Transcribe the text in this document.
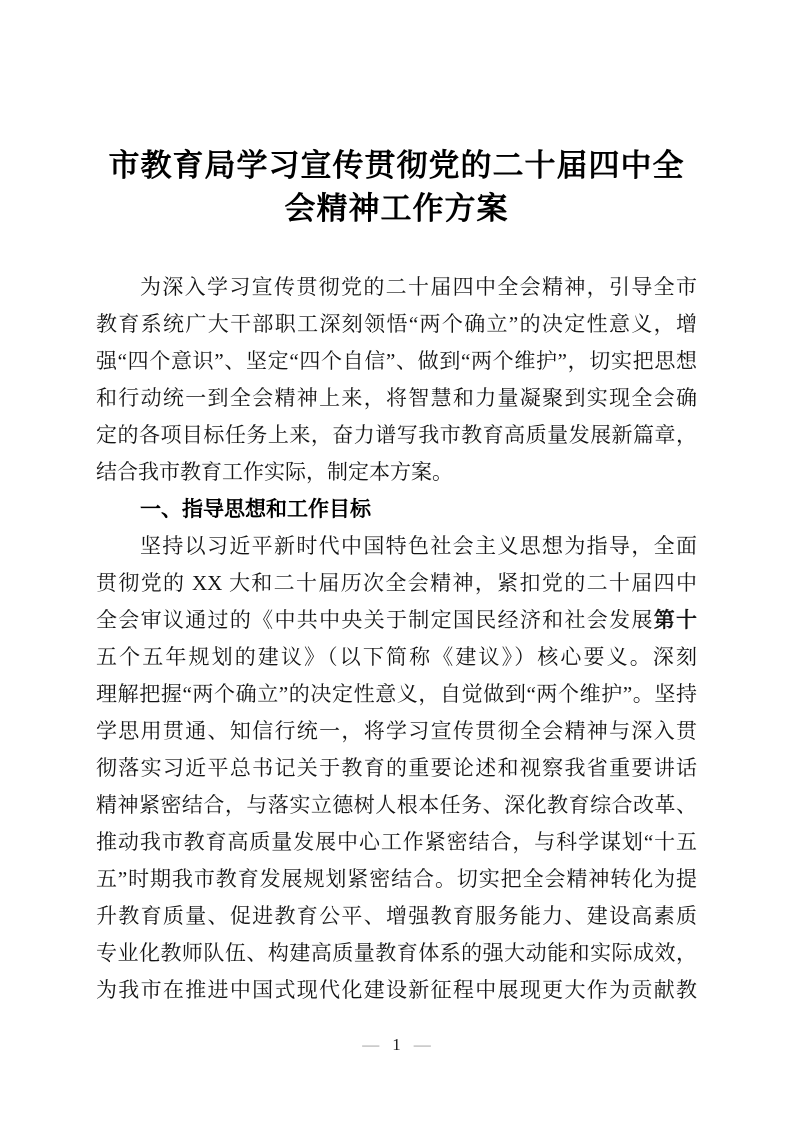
市教育局学习宣传贯彻党的二十届四中全
会精神工作方案
为深入学习宣传贯彻党的二十届四中全会精神，引导全市
教育系统广大干部职工深刻领悟“两个确立”的决定性意义，增
强“四个意识”、坚定“四个自信”、做到“两个维护”，切实把思想
和行动统一到全会精神上来，将智慧和力量凝聚到实现全会确
定的各项目标任务上来，奋力谱写我市教育高质量发展新篇章，
结合我市教育工作实际，制定本方案。
一、指导思想和工作目标
坚持以习近平新时代中国特色社会主义思想为指导，全面
贯彻党的 XX 大和二十届历次全会精神，紧扣党的二十届四中
全会审议通过的《中共中央关于制定国民经济和社会发展第十
五个五年规划的建议》（以下简称《建议》）核心要义。深刻
理解把握“两个确立”的决定性意义，自觉做到“两个维护”。坚持
学思用贯通、知信行统一，将学习宣传贯彻全会精神与深入贯
彻落实习近平总书记关于教育的重要论述和视察我省重要讲话
精神紧密结合，与落实立德树人根本任务、深化教育综合改革、
推动我市教育高质量发展中心工作紧密结合，与科学谋划“十五
五”时期我市教育发展规划紧密结合。切实把全会精神转化为提
升教育质量、促进教育公平、增强教育服务能力、建设高素质
专业化教师队伍、构建高质量教育体系的强大动能和实际成效，
为我市在推进中国式现代化建设新征程中展现更大作为贡献教
— 1 —
